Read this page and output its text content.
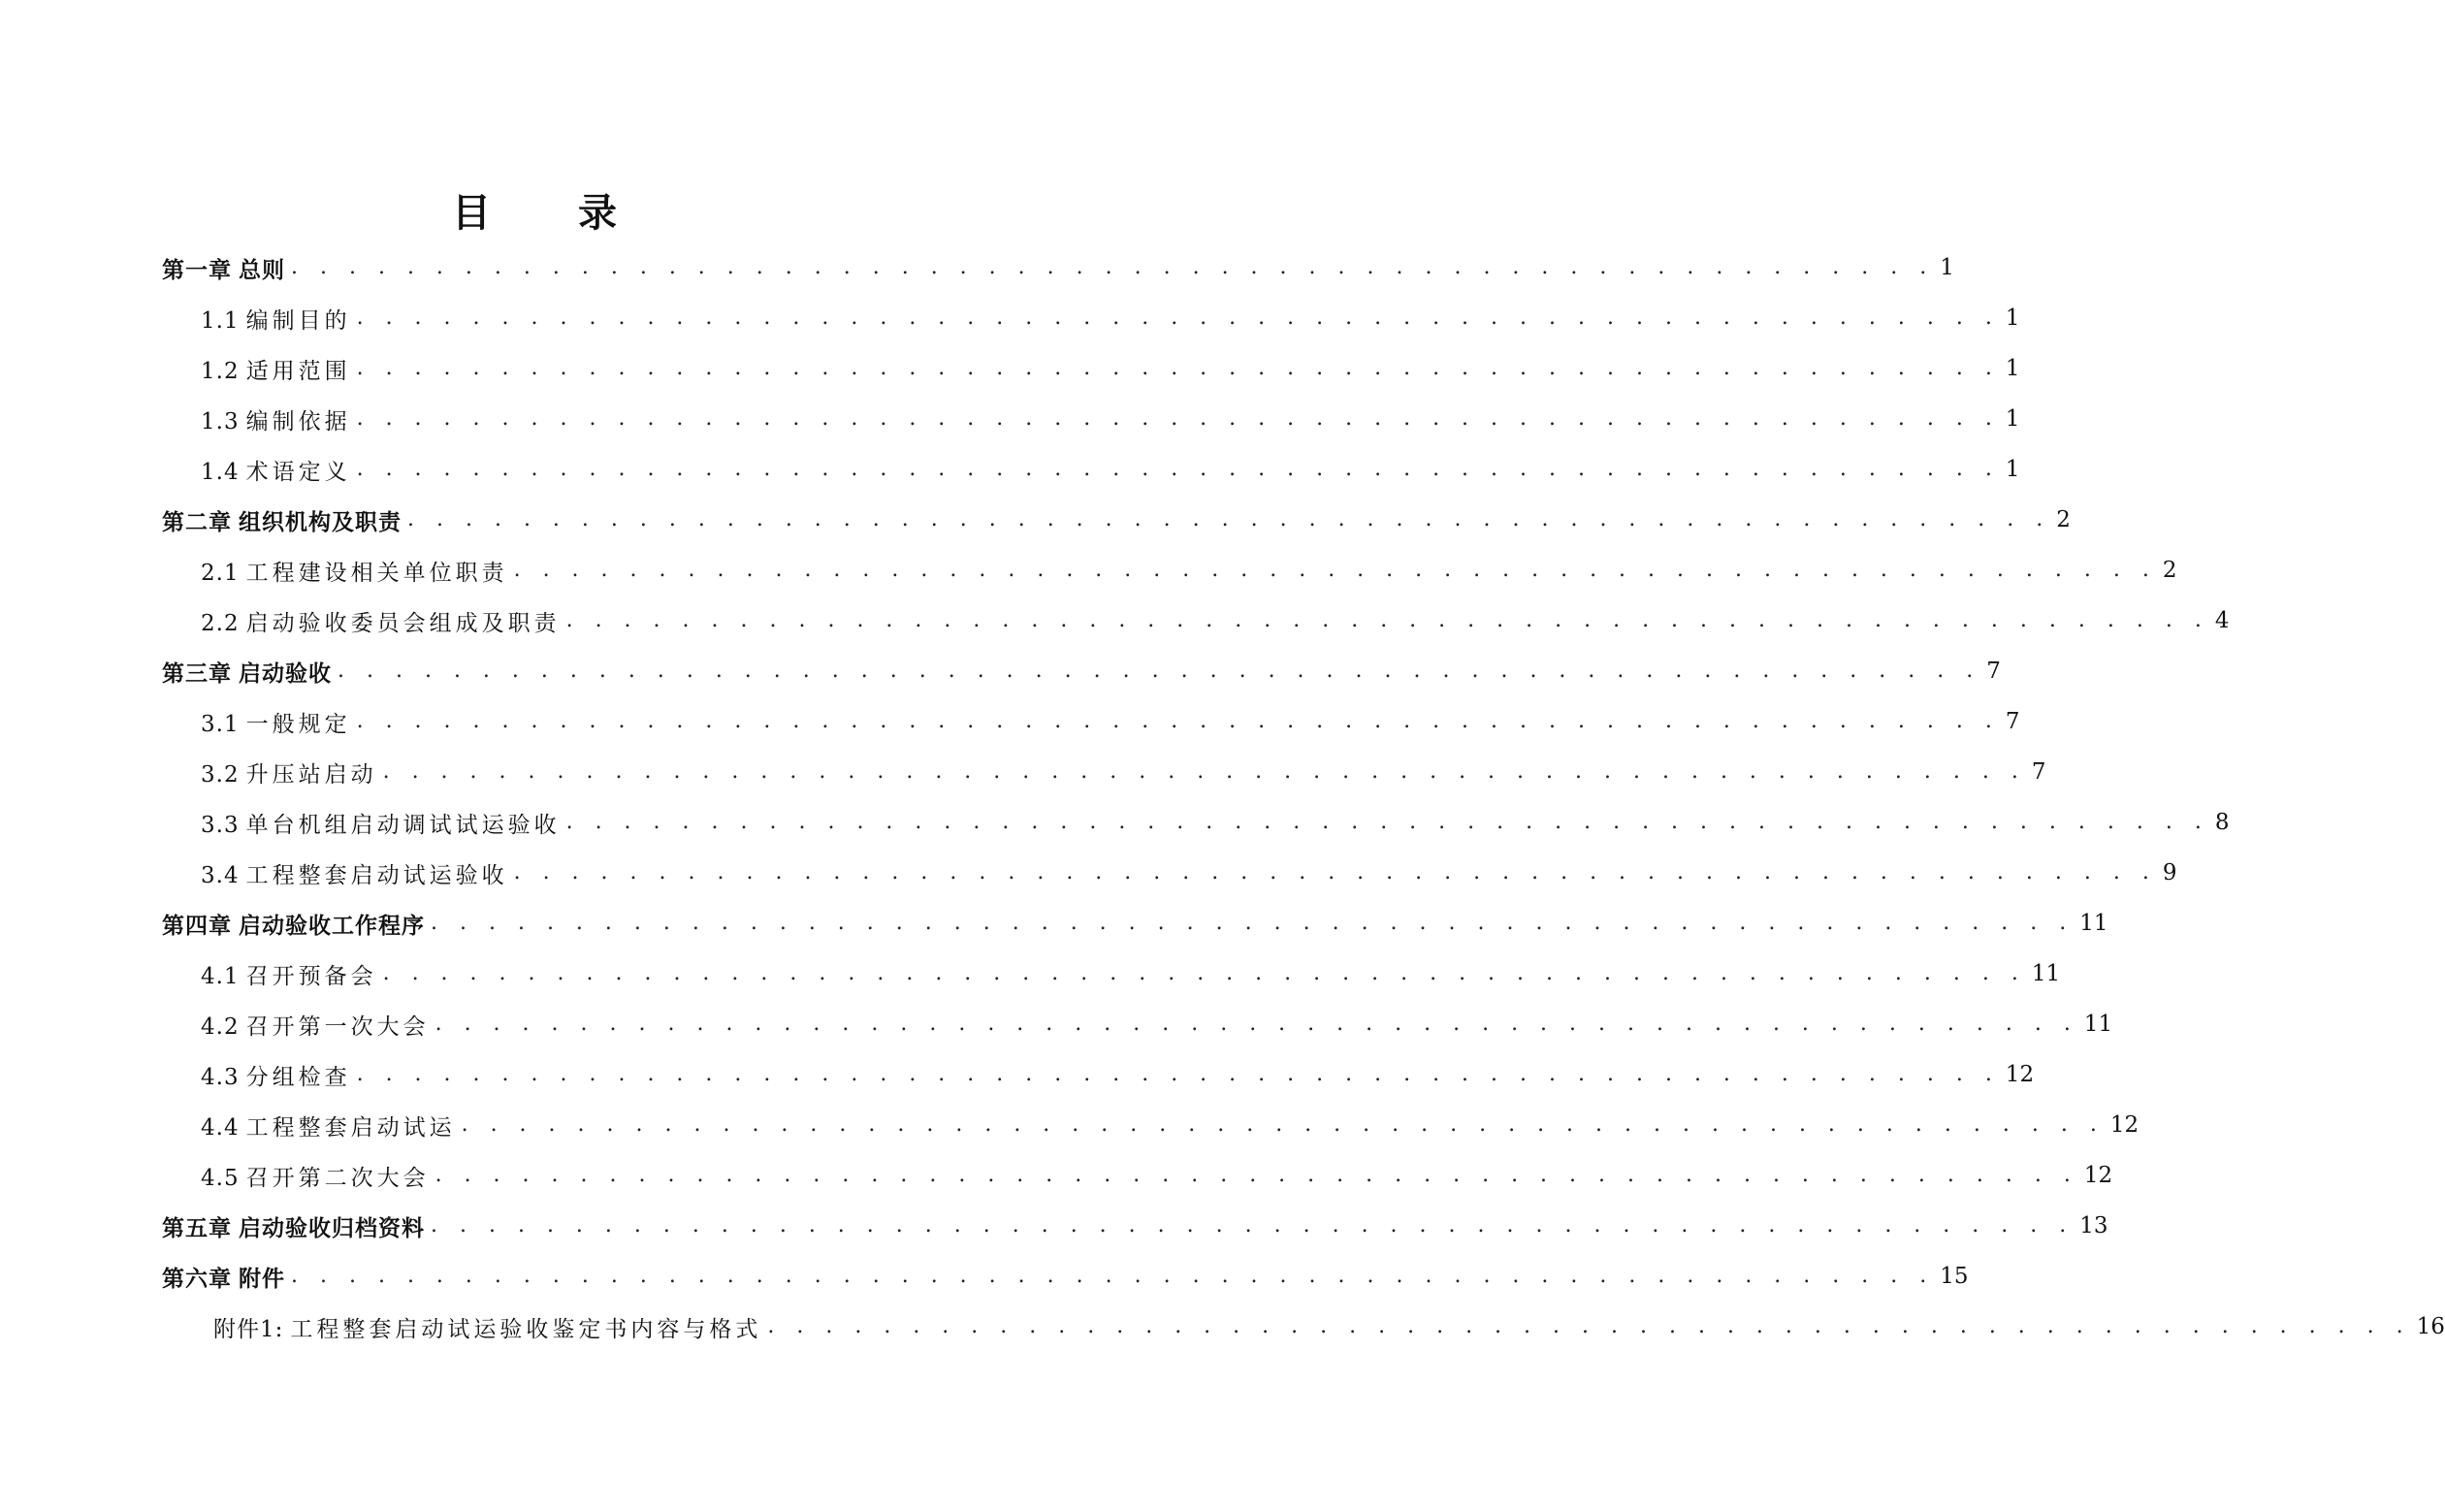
目 录
第一章 总则 . . . . . . . . . . . . . . . . . . . . . . . . . . . . . . . . . . . . . . . . . . . . . . . . . . . . . . . . . 1
1.1 编制目的 . . . . . . . . . . . . . . . . . . . . . . . . . . . . . . . . . . . . . . . . . . . . . . . . . . . . . . . . . 1
1.2 适用范围 . . . . . . . . . . . . . . . . . . . . . . . . . . . . . . . . . . . . . . . . . . . . . . . . . . . . . . . . . 1
1.3 编制依据 . . . . . . . . . . . . . . . . . . . . . . . . . . . . . . . . . . . . . . . . . . . . . . . . . . . . . . . . . 1
1.4 术语定义 . . . . . . . . . . . . . . . . . . . . . . . . . . . . . . . . . . . . . . . . . . . . . . . . . . . . . . . . . 1
第二章 组织机构及职责 . . . . . . . . . . . . . . . . . . . . . . . . . . . . . . . . . . . . . . . . . . . . . . . . . . . . . . . . . 2
2.1 工程建设相关单位职责 . . . . . . . . . . . . . . . . . . . . . . . . . . . . . . . . . . . . . . . . . . . . . . . . . . . . . . . . . 2
2.2 启动验收委员会组成及职责 . . . . . . . . . . . . . . . . . . . . . . . . . . . . . . . . . . . . . . . . . . . . . . . . . . . . . . . . . 4
第三章 启动验收 . . . . . . . . . . . . . . . . . . . . . . . . . . . . . . . . . . . . . . . . . . . . . . . . . . . . . . . . . 7
3.1 一般规定 . . . . . . . . . . . . . . . . . . . . . . . . . . . . . . . . . . . . . . . . . . . . . . . . . . . . . . . . . 7
3.2 升压站启动 . . . . . . . . . . . . . . . . . . . . . . . . . . . . . . . . . . . . . . . . . . . . . . . . . . . . . . . . . 7
3.3 单台机组启动调试试运验收 . . . . . . . . . . . . . . . . . . . . . . . . . . . . . . . . . . . . . . . . . . . . . . . . . . . . . . . . . 8
3.4 工程整套启动试运验收 . . . . . . . . . . . . . . . . . . . . . . . . . . . . . . . . . . . . . . . . . . . . . . . . . . . . . . . . . 9
第四章 启动验收工作程序 . . . . . . . . . . . . . . . . . . . . . . . . . . . . . . . . . . . . . . . . . . . . . . . . . . . . . . . . . 11
4.1 召开预备会 . . . . . . . . . . . . . . . . . . . . . . . . . . . . . . . . . . . . . . . . . . . . . . . . . . . . . . . . . 11
4.2 召开第一次大会 . . . . . . . . . . . . . . . . . . . . . . . . . . . . . . . . . . . . . . . . . . . . . . . . . . . . . . . . . 11
4.3 分组检查 . . . . . . . . . . . . . . . . . . . . . . . . . . . . . . . . . . . . . . . . . . . . . . . . . . . . . . . . . 12
4.4 工程整套启动试运 . . . . . . . . . . . . . . . . . . . . . . . . . . . . . . . . . . . . . . . . . . . . . . . . . . . . . . . . . 12
4.5 召开第二次大会 . . . . . . . . . . . . . . . . . . . . . . . . . . . . . . . . . . . . . . . . . . . . . . . . . . . . . . . . . 12
第五章 启动验收归档资料 . . . . . . . . . . . . . . . . . . . . . . . . . . . . . . . . . . . . . . . . . . . . . . . . . . . . . . . . . 13
第六章 附件 . . . . . . . . . . . . . . . . . . . . . . . . . . . . . . . . . . . . . . . . . . . . . . . . . . . . . . . . . 15
附件1: 工程整套启动试运验收鉴定书内容与格式 . . . . . . . . . . . . . . . . . . . . . . . . . . . . . . . . . . . . . . . . . . . . . . . . . . . . . . . . . 16
